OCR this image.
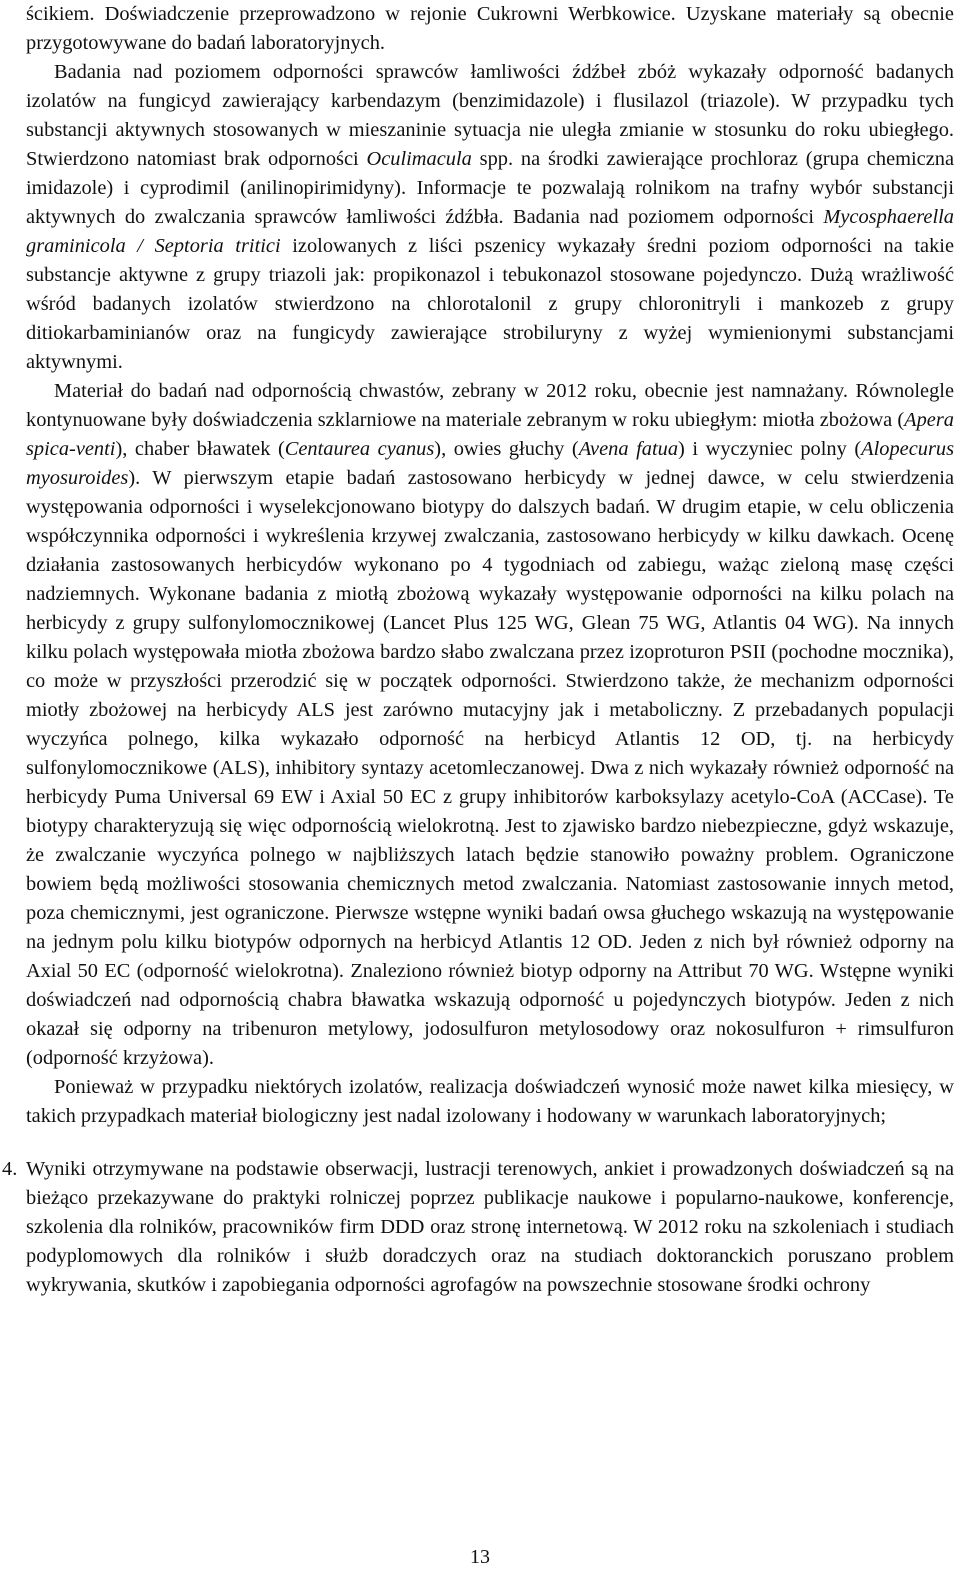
ścikiem. Doświadczenie przeprowadzono w rejonie Cukrowni Werbkowice. Uzyskane materiały są obecnie przygotowywane do badań laboratoryjnych.

Badania nad poziomem odporności sprawców łamliwości źdźbeł zbóż wykazały odporność badanych izolatów na fungicyd zawierający karbendazym (benzimidazole) i flusilazol (triazole). W przypadku tych substancji aktywnych stosowanych w mieszaninie sytuacja nie uległa zmianie w stosunku do roku ubiegłego. Stwierdzono natomiast brak odporności Oculimacula spp. na środki zawierające prochloraz (grupa chemiczna imidazole) i cyprodimil (anilinopirimidyny). Informacje te pozwalają rolnikom na trafny wybór substancji aktywnych do zwalczania sprawców łamliwości źdźbła. Badania nad poziomem odporności Mycosphaerella graminicola / Septoria tritici izolowanych z liści pszenicy wykazały średni poziom odporności na takie substancje aktywne z grupy triazoli jak: propikonazol i tebukonazol stosowane pojedynczo. Dużą wrażliwość wśród badanych izolatów stwierdzono na chlorotalonil z grupy chloronitryli i mankozeb z grupy ditiokarbaminianów oraz na fungicydy zawierające strobiluryny z wyżej wymienionymi substancjami aktywnymi.

Materiał do badań nad odpornością chwastów, zebrany w 2012 roku, obecnie jest namnażany. Równolegle kontynuowane były doświadczenia szklarniowe na materiale zebranym w roku ubiegłym: miotła zbożowa (Apera spica-venti), chaber bławatek (Centaurea cyanus), owies głuchy (Avena fatua) i wyczyniec polny (Alopecurus myosuroides). W pierwszym etapie badań zastosowano herbicydy w jednej dawce, w celu stwierdzenia występowania odporności i wyselekcjonowano biotypy do dalszych badań. W drugim etapie, w celu obliczenia współczynnika odporności i wykreślenia krzywej zwalczania, zastosowano herbicydy w kilku dawkach. Ocenę działania zastosowanych herbicydów wykonano po 4 tygodniach od zabiegu, ważąc zieloną masę części nadziemnych. Wykonane badania z miotłą zbożową wykazały występowanie odporności na kilku polach na herbicydy z grupy sulfonylomocznikowej (Lancet Plus 125 WG, Glean 75 WG, Atlantis 04 WG). Na innych kilku polach występowała miotła zbożowa bardzo słabo zwalczana przez izoproturon PSII (pochodne mocznika), co może w przyszłości przerodzić się w początek odporności. Stwierdzono także, że mechanizm odporności miotły zbożowej na herbicydy ALS jest zarówno mutacyjny jak i metaboliczny. Z przebadanych populacji wyczyńca polnego, kilka wykazało odporność na herbicyd Atlantis 12 OD, tj. na herbicydy sulfonylomocznikowe (ALS), inhibitory syntazy acetomleczanowej. Dwa z nich wykazały również odporność na herbicydy Puma Universal 69 EW i Axial 50 EC z grupy inhibitorów karboksylazy acetylo-CoA (ACCase). Te biotypy charakteryzują się więc odpornością wielokrotną. Jest to zjawisko bardzo niebezpieczne, gdyż wskazuje, że zwalczanie wyczyńca polnego w najbliższych latach będzie stanowiło poważny problem. Ograniczone bowiem będą możliwości stosowania chemicznych metod zwalczania. Natomiast zastosowanie innych metod, poza chemicznymi, jest ograniczone. Pierwsze wstępne wyniki badań owsa głuchego wskazują na występowanie na jednym polu kilku biotypów odpornych na herbicyd Atlantis 12 OD. Jeden z nich był również odporny na Axial 50 EC (odporność wielokrotna). Znaleziono również biotyp odporny na Attribut 70 WG. Wstępne wyniki doświadczeń nad odpornością chabra bławatka wskazują odporność u pojedynczych biotypów. Jeden z nich okazał się odporny na tribenuron metylowy, jodosulfuron metylosodowy oraz nokosulfuron + rimsulfuron (odporność krzyżowa).

Ponieważ w przypadku niektórych izolatów, realizacja doświadczeń wynosić może nawet kilka miesięcy, w takich przypadkach materiał biologiczny jest nadal izolowany i hodowany w warunkach laboratoryjnych;

4. Wyniki otrzymywane na podstawie obserwacji, lustracji terenowych, ankiet i prowadzonych doświadczeń są na bieżąco przekazywane do praktyki rolniczej poprzez publikacje naukowe i popularno-naukowe, konferencje, szkolenia dla rolników, pracowników firm DDD oraz stronę internetową. W 2012 roku na szkoleniach i studiach podyplomowych dla rolników i służb doradczych oraz na studiach doktoranckich poruszano problem wykrywania, skutków i zapobiegania odporności agrofagów na powszechnie stosowane środki ochrony

13
